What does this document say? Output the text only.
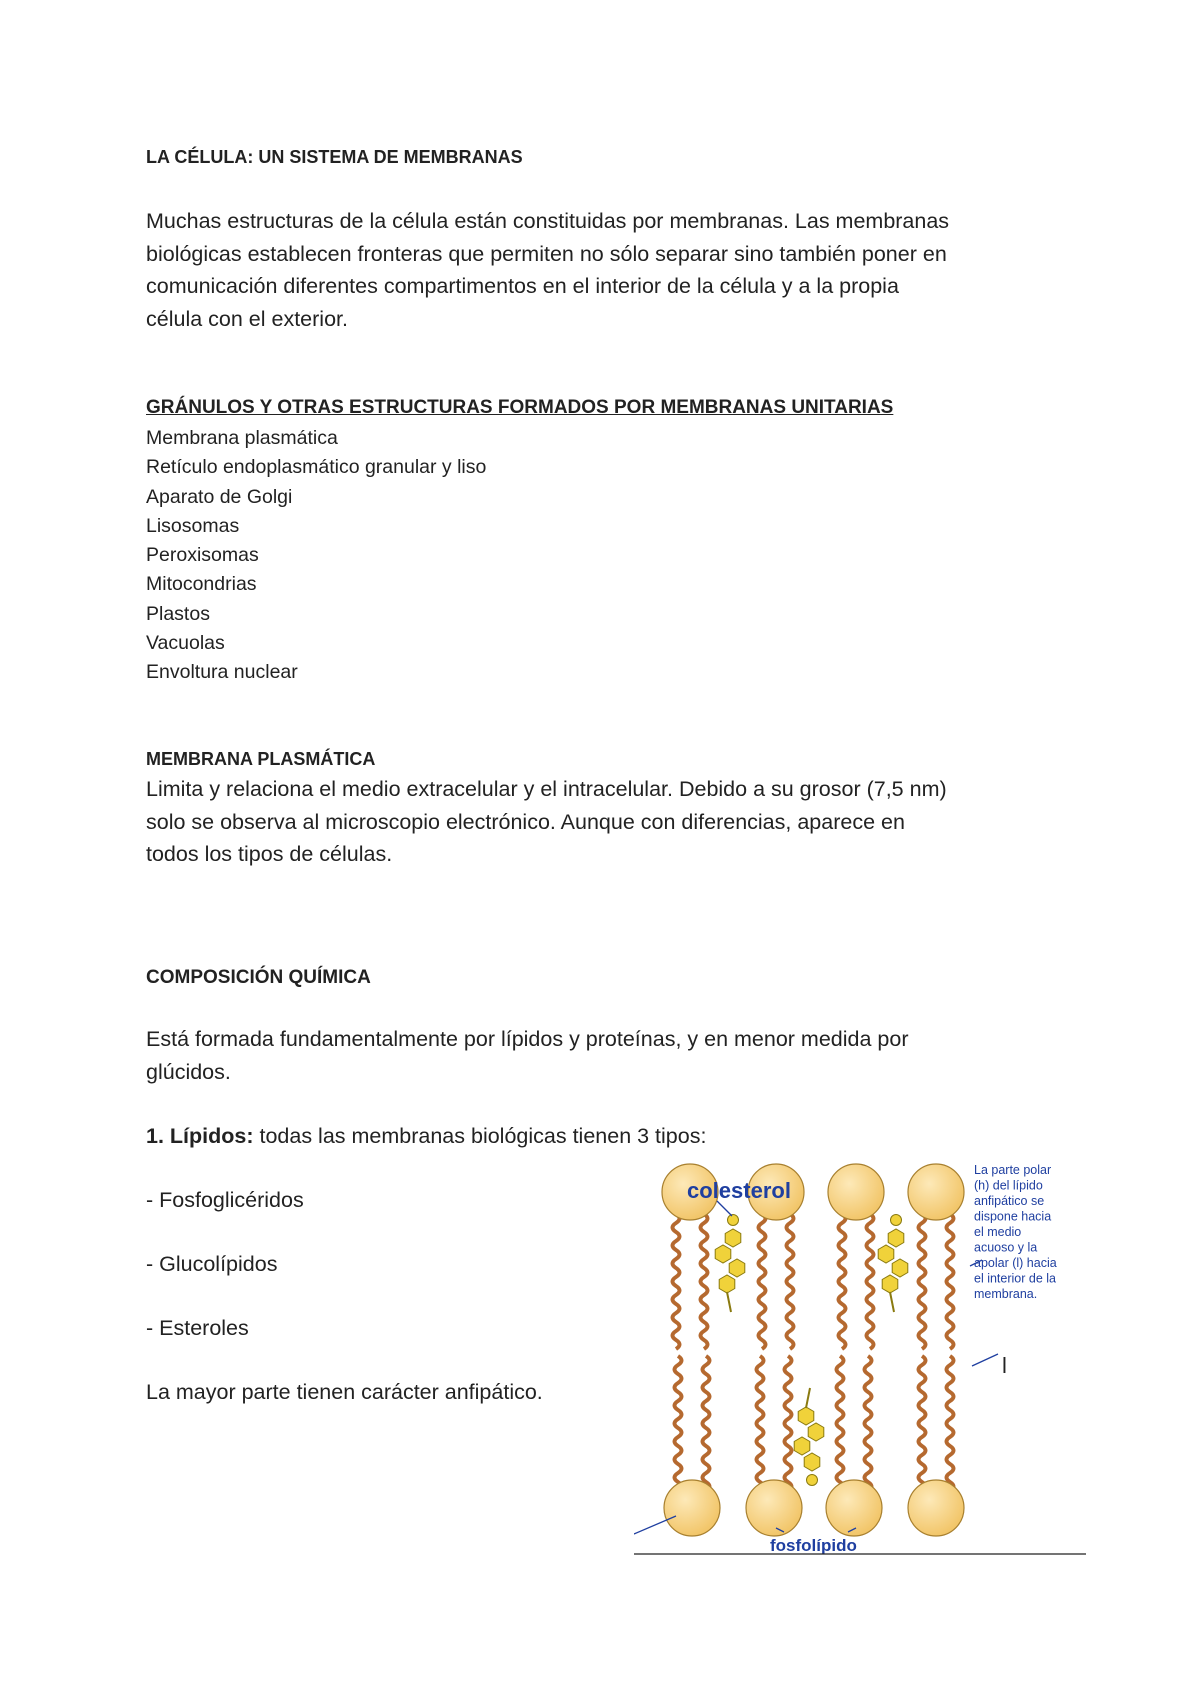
LA CÉLULA: UN SISTEMA DE MEMBRANAS
Muchas estructuras de la célula están constituidas por membranas. Las membranas
biológicas establecen fronteras que permiten no sólo separar sino también poner en
comunicación diferentes compartimentos en el interior de la célula y a la propia
célula con el exterior.
GRÁNULOS Y OTRAS ESTRUCTURAS FORMADOS POR MEMBRANAS UNITARIAS
Membrana plasmática
Retículo endoplasmático granular y liso
Aparato de Golgi
Lisosomas
Peroxisomas
Mitocondrias
Plastos
Vacuolas
Envoltura nuclear
MEMBRANA PLASMÁTICA
Limita y relaciona el medio extracelular y el intracelular. Debido a su grosor (7,5 nm)
solo se observa al microscopio electrónico. Aunque con diferencias, aparece en
todos los tipos de células.
COMPOSICIÓN QUÍMICA
Está formada fundamentalmente por lípidos y proteínas, y en menor medida por
glúcidos.

1. Lípidos: todas las membranas biológicas tienen 3 tipos:

- Fosfoglicéridos

- Glucolípidos

- Esteroles

La mayor parte tienen carácter anfipático.

colesterol
fosfolípido
La parte polar
(h) del lípido
anfipático se
dispone hacia
el medio
acuoso y la
apolar (l) hacia
el interior de la
membrana.
l
